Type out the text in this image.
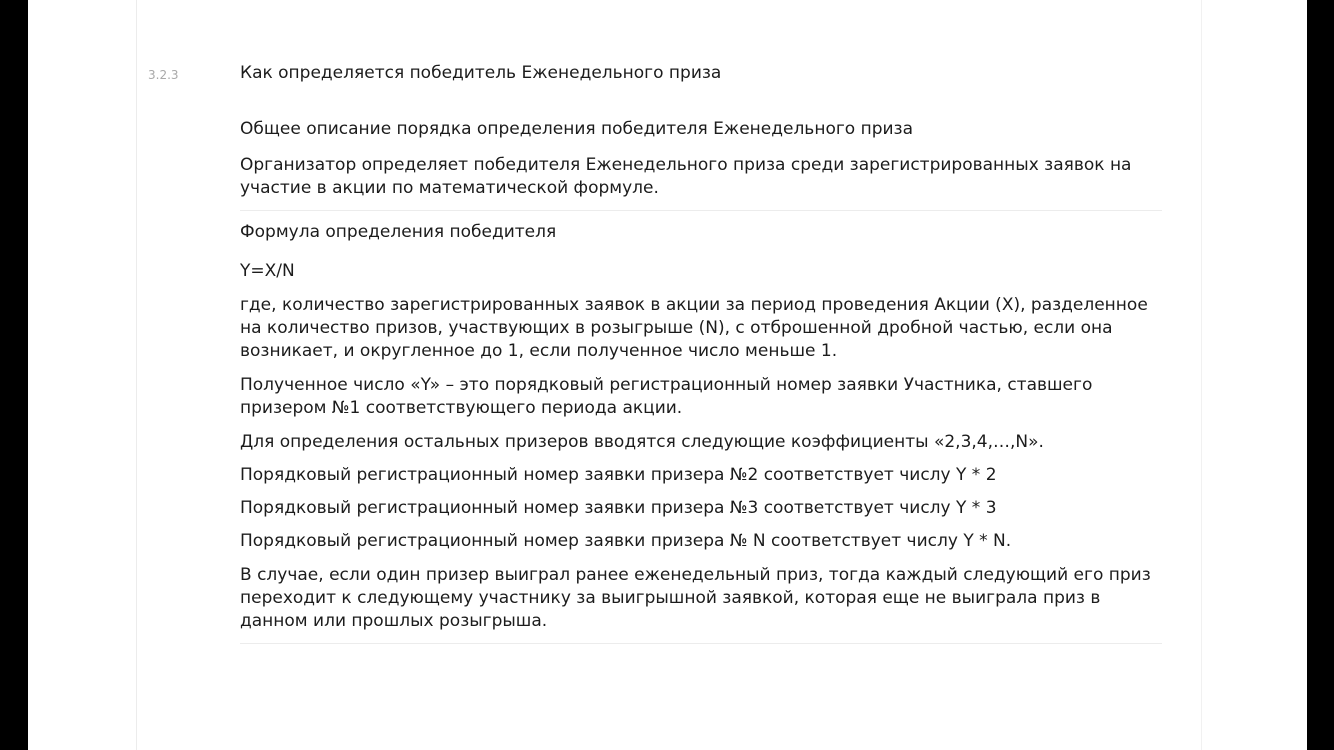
3.2.3	Как определяется победитель Еженедельного приза

Общее описание порядка определения победителя Еженедельного приза

Организатор определяет победителя Еженедельного приза среди зарегистрированных заявок на участие в акции по математической формуле.

Формула определения победителя

Y=X/N

где, количество зарегистрированных заявок в акции за период проведения Акции (X), разделенное на количество призов, участвующих в розыгрыше (N), с отброшенной дробной частью, если она возникает, и округленное до 1, если полученное число меньше 1.

Полученное число «Y» – это порядковый регистрационный номер заявки Участника, ставшего призером №1 соответствующего периода акции.

Для определения остальных призеров вводятся следующие коэффициенты «2,3,4,…,N».

Порядковый регистрационный номер заявки призера №2 соответствует числу Y * 2

Порядковый регистрационный номер заявки призера №3 соответствует числу Y * 3

Порядковый регистрационный номер заявки призера № N соответствует числу Y * N.

В случае, если один призер выиграл ранее еженедельный приз, тогда каждый следующий его приз переходит к следующему участнику за выигрышной заявкой, которая еще не выиграла приз в данном или прошлых розыгрыша.
